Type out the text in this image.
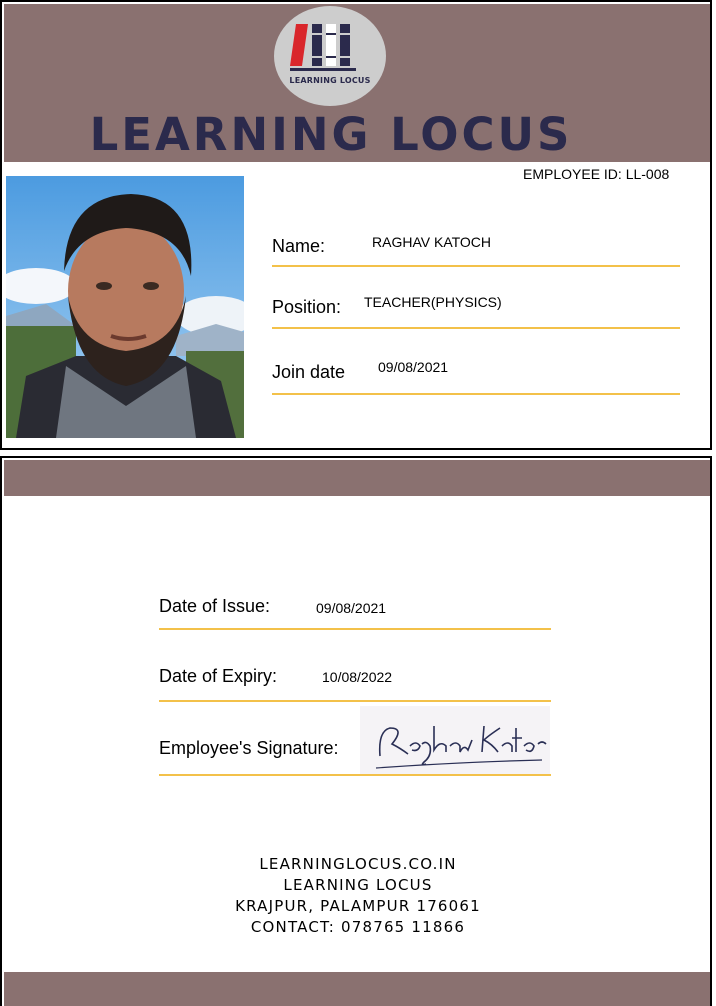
LEARNING LOCUS
LEARNING LOCUS
EMPLOYEE ID: LL-008
Name:	RAGHAV KATOCH
Position: TEACHER(PHYSICS)
Join date 09/08/2021
Date of Issue:	09/08/2021
Date of Expiry:	10/08/2022
Employee's Signature:
LEARNINGLOCUS.CO.IN
LEARNING LOCUS
KRAJPUR, PALAMPUR 176061
CONTACT: 078765 11866
